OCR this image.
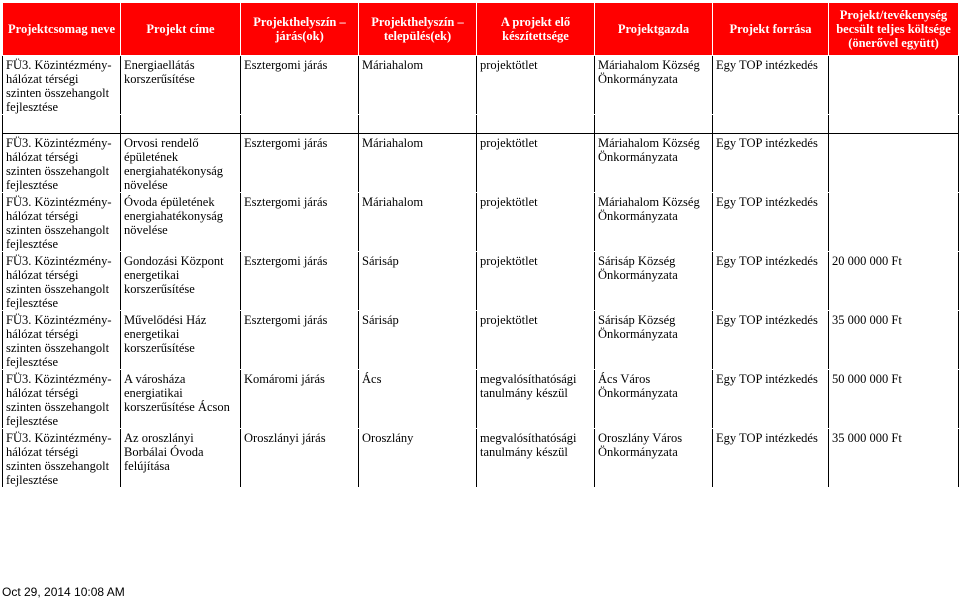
Projektcsomag neve	Projekt címe	Projekthelyszín – járás(ok)	Projekthelyszín – település(ek)	A projekt elő készítettsége	Projektgazda	Projekt forrása	Projekt/tevékenység becsült teljes költsége (önerővel együtt)
FÜ3. Közintézmény-hálózat térségi szinten összehangolt fejlesztése	Energiaellátás korszerűsítése	Esztergomi járás	Máriahalom	projektötlet	Máriahalom Község Önkormányzata	Egy TOP intézkedés	

FÜ3. Közintézmény-hálózat térségi szinten összehangolt fejlesztése	Orvosi rendelő épületének energiahatékonyság növelése	Esztergomi járás	Máriahalom	projektötlet	Máriahalom Község Önkormányzata	Egy TOP intézkedés	
FÜ3. Közintézmény-hálózat térségi szinten összehangolt fejlesztése	Óvoda épületének energiahatékonyság növelése	Esztergomi járás	Máriahalom	projektötlet	Máriahalom Község Önkormányzata	Egy TOP intézkedés	
FÜ3. Közintézmény-hálózat térségi szinten összehangolt fejlesztése	Gondozási Központ energetikai korszerűsítése	Esztergomi járás	Sárisáp	projektötlet	Sárisáp Község Önkormányzata	Egy TOP intézkedés	20 000 000 Ft
FÜ3. Közintézmény-hálózat térségi szinten összehangolt fejlesztése	Művelődési Ház energetikai korszerűsítése	Esztergomi járás	Sárisáp	projektötlet	Sárisáp Község Önkormányzata	Egy TOP intézkedés	35 000 000 Ft
FÜ3. Közintézmény-hálózat térségi szinten összehangolt fejlesztése	A városháza energiatikai korszerűsítése Ácson	Komáromi járás	Ács	megvalósíthatósági tanulmány készül	Ács Város Önkormányzata	Egy TOP intézkedés	50 000 000 Ft
FÜ3. Közintézmény-hálózat térségi szinten összehangolt fejlesztése	Az oroszlányi Borbálai Óvoda felújítása	Oroszlányi járás	Oroszlány	megvalósíthatósági tanulmány készül	Oroszlány Város Önkormányzata	Egy TOP intézkedés	35 000 000 Ft
Oct 29, 2014 10:08 AM
